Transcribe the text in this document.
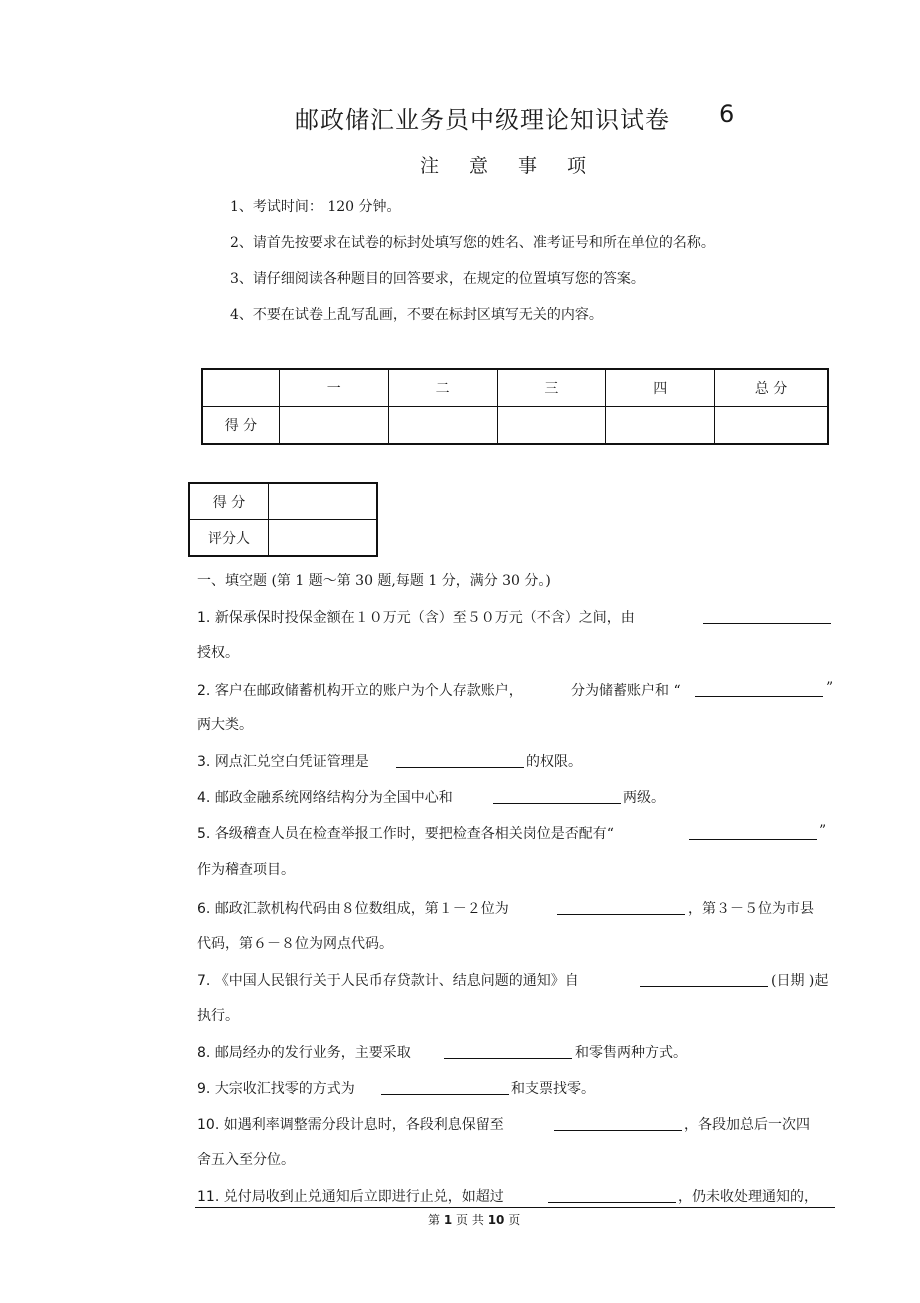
邮政储汇业务员中级理论知识试卷 6
注意事项
1、考试时间： 120 分钟。
2、请首先按要求在试卷的标封处填写您的姓名、准考证号和所在单位的名称。
3、请仔细阅读各种题目的回答要求，在规定的位置填写您的答案。
4、不要在试卷上乱写乱画，不要在标封区填写无关的内容。
	一	二	三	四	总 分
得 分					
得 分	
评分人	
一、填空题 (第 1 题～第 30 题,每题 1 分，满分 30 分。)
1. 新保承保时投保金额在１０万元（含）至５０万元（不含）之间，由
授权。
2. 客户在邮政储蓄机构开立的账户为个人存款账户，	分为储蓄账户和 “	”
两大类。
3. 网点汇兑空白凭证管理是	的权限。
4. 邮政金融系统网络结构分为全国中心和	两级。
5. 各级稽查人员在检查举报工作时，要把检查各相关岗位是否配有“	”
作为稽查项目。
6. 邮政汇款机构代码由８位数组成，第１－２位为	，第３－５位为市县
代码，第６－８位为网点代码。
7. 《中国人民银行关于人民币存贷款计、结息问题的通知》自	(日期 )起
执行。
8. 邮局经办的发行业务，主要采取	和零售两种方式。
9. 大宗收汇找零的方式为	和支票找零。
10. 如遇利率调整需分段计息时，各段利息保留至	，各段加总后一次四
舍五入至分位。
11. 兑付局收到止兑通知后立即进行止兑，如超过	，仍未收处理通知的，
第 1 页 共 10 页
